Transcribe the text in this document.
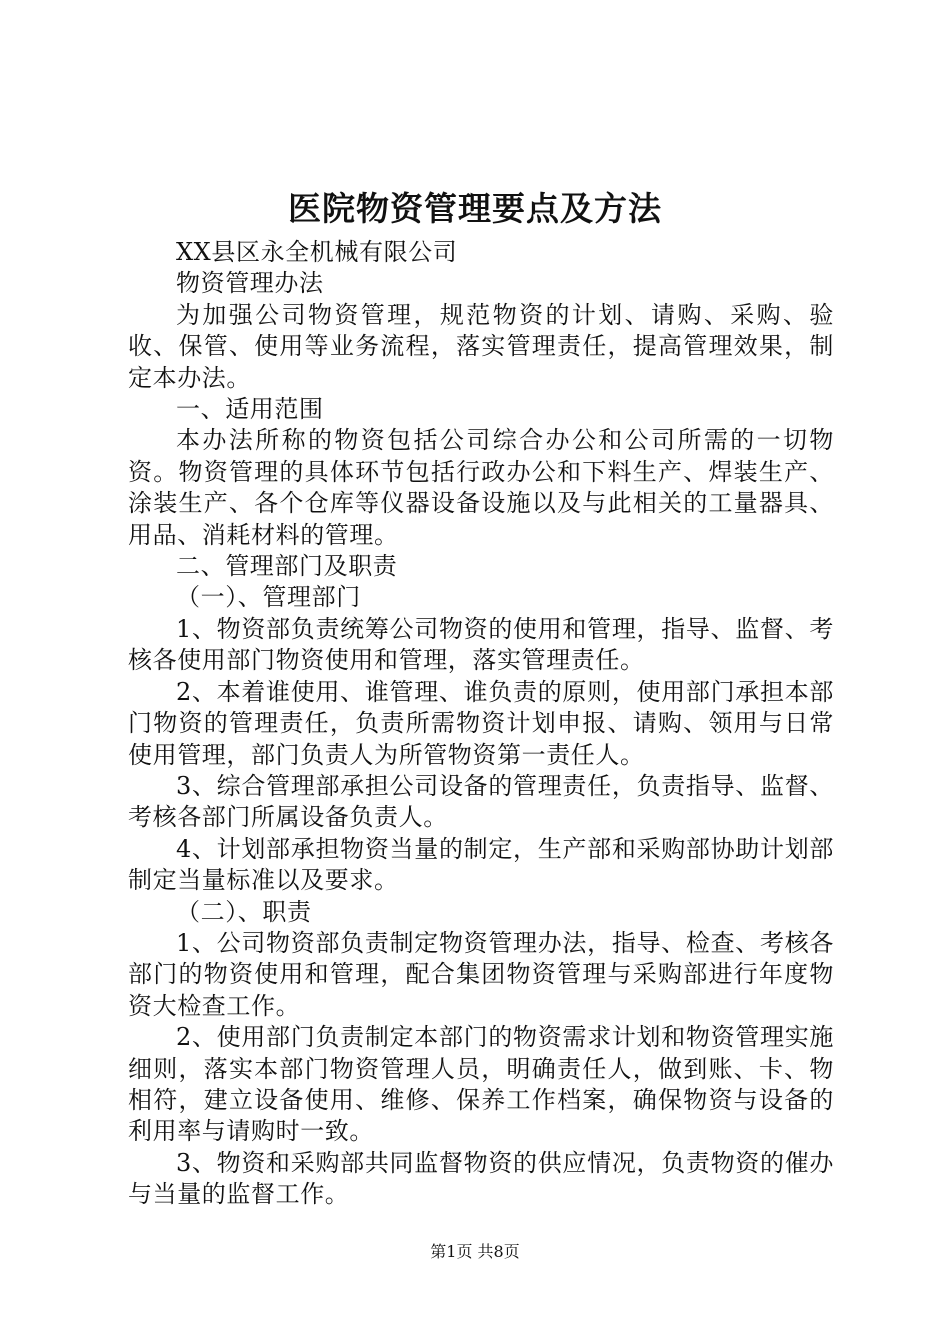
医院物资管理要点及方法

XX县区永全机械有限公司

物资管理办法

为加强公司物资管理，规范物资的计划、请购、采购、验收、保管、使用等业务流程，落实管理责任，提高管理效果，制定本办法。

一、适用范围

本办法所称的物资包括公司综合办公和公司所需的一切物资。物资管理的具体环节包括行政办公和下料生产、焊装生产、涂装生产、各个仓库等仪器设备设施以及与此相关的工量器具、用品、消耗材料的管理。

二、管理部门及职责

（一）、管理部门

1、物资部负责统筹公司物资的使用和管理，指导、监督、考核各使用部门物资使用和管理，落实管理责任。

2、本着谁使用、谁管理、谁负责的原则，使用部门承担本部门物资的管理责任，负责所需物资计划申报、请购、领用与日常使用管理，部门负责人为所管物资第一责任人。

3、综合管理部承担公司设备的管理责任，负责指导、监督、考核各部门所属设备负责人。

4、计划部承担物资当量的制定，生产部和采购部协助计划部制定当量标准以及要求。

（二）、职责

1、公司物资部负责制定物资管理办法，指导、检查、考核各部门的物资使用和管理，配合集团物资管理与采购部进行年度物资大检查工作。

2、使用部门负责制定本部门的物资需求计划和物资管理实施细则，落实本部门物资管理人员，明确责任人，做到账、卡、物相符，建立设备使用、维修、保养工作档案，确保物资与设备的利用率与请购时一致。

3、物资和采购部共同监督物资的供应情况，负责物资的催办与当量的监督工作。

第1页 共8页
